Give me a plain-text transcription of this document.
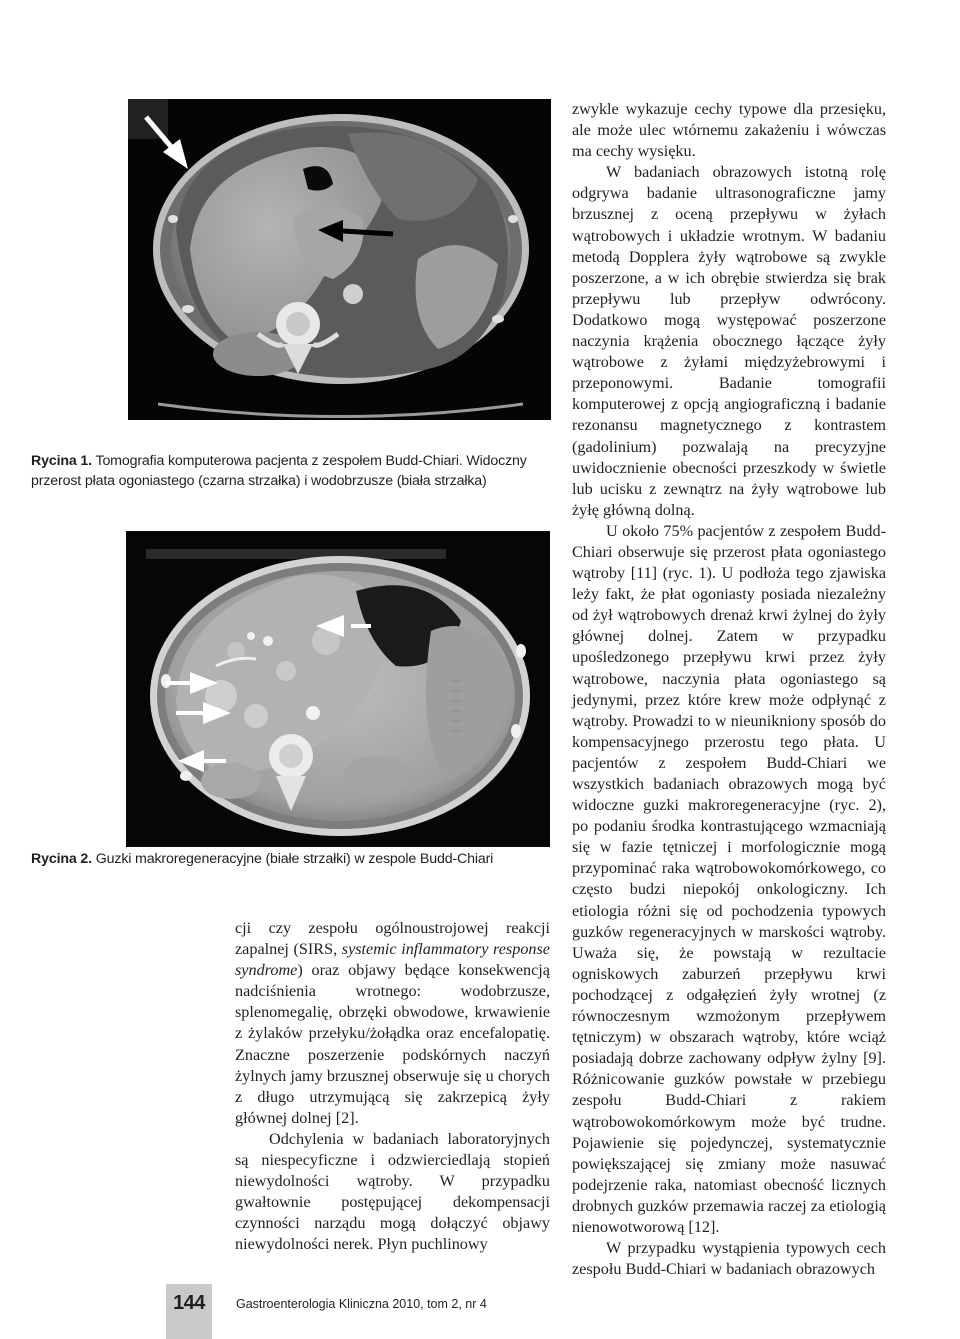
Rycina 1. Tomografia komputerowa pacjenta z zespołem Budd-Chiari. Widoczny przerost płata ogoniastego (czarna strzałka) i wodobrzusze (biała strzałka)
Rycina 2. Guzki makroregeneracyjne (białe strzałki) w zespole Budd-Chiari

cji czy zespołu ogólnoustrojowej reakcji zapalnej (SIRS, systemic inflammatory response syndrome) oraz objawy będące konsekwencją nadciśnienia wrotnego: wodobrzusze, splenomegalię, obrzęki obwodowe, krwawienie z żylaków przełyku/żołądka oraz encefalopatię. Znaczne poszerzenie podskórnych naczyń żylnych jamy brzusznej obserwuje się u chorych z długo utrzymującą się zakrzepicą żyły głównej dolnej [2].

Odchylenia w badaniach laboratoryjnych są niespecyficzne i odzwierciedlają stopień niewydolności wątroby. W przypadku gwałtownie postępującej dekompensacji czynności narządu mogą dołączyć objawy niewydolności nerek. Płyn puchlinowy

zwykle wykazuje cechy typowe dla przesięku, ale może ulec wtórnemu zakażeniu i wówczas ma cechy wysięku.

W badaniach obrazowych istotną rolę odgrywa badanie ultrasonograficzne jamy brzusznej z oceną przepływu w żyłach wątrobowych i układzie wrotnym. W badaniu metodą Dopplera żyły wątrobowe są zwykle poszerzone, a w ich obrębie stwierdza się brak przepływu lub przepływ odwrócony. Dodatkowo mogą występować poszerzone naczynia krążenia obocznego łączące żyły wątrobowe z żyłami międzyżebrowymi i przeponowymi. Badanie tomografii komputerowej z opcją angiograficzną i badanie rezonansu magnetycznego z kontrastem (gadolinium) pozwalają na precyzyjne uwidocznienie obecności przeszkody w świetle lub ucisku z zewnątrz na żyły wątrobowe lub żyłę główną dolną.

U około 75% pacjentów z zespołem Budd-Chiari obserwuje się przerost płata ogoniastego wątroby [11] (ryc. 1). U podłoża tego zjawiska leży fakt, że płat ogoniasty posiada niezależny od żył wątrobowych drenaż krwi żylnej do żyły głównej dolnej. Zatem w przypadku upośledzonego przepływu krwi przez żyły wątrobowe, naczynia płata ogoniastego są jedynymi, przez które krew może odpłynąć z wątroby. Prowadzi to w nieunikniony sposób do kompensacyjnego przerostu tego płata. U pacjentów z zespołem Budd-Chiari we wszystkich badaniach obrazowych mogą być widoczne guzki makroregeneracyjne (ryc. 2), po podaniu środka kontrastującego wzmacniają się w fazie tętniczej i morfologicznie mogą przypominać raka wątrobowokomórkowego, co często budzi niepokój onkologiczny. Ich etiologia różni się od pochodzenia typowych guzków regeneracyjnych w marskości wątroby. Uważa się, że powstają w rezultacie ogniskowych zaburzeń przepływu krwi pochodzącej z odgałęzień żyły wrotnej (z równoczesnym wzmożonym przepływem tętniczym) w obszarach wątroby, które wciąż posiadają dobrze zachowany odpływ żylny [9]. Różnicowanie guzków powstałe w przebiegu zespołu Budd-Chiari z rakiem wątrobowokomórkowym może być trudne. Pojawienie się pojedynczej, systematycznie powiększającej się zmiany może nasuwać podejrzenie raka, natomiast obecność licznych drobnych guzków przemawia raczej za etiologią nienowotworową [12].

W przypadku wystąpienia typowych cech zespołu Budd-Chiari w badaniach obrazowych

144	Gastroenterologia Kliniczna 2010, tom 2, nr 4
